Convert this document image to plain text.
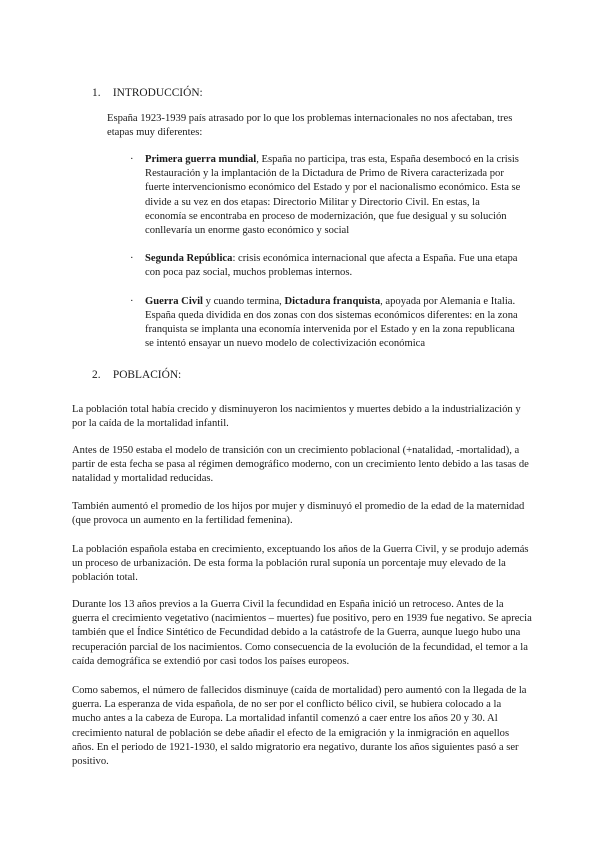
1. INTRODUCCIÓN:
España 1923-1939 país atrasado por lo que los problemas internacionales no nos afectaban, tres etapas muy diferentes:
· Primera guerra mundial, España no participa, tras esta, España desembocó en la crisis Restauración y la implantación de la Dictadura de Primo de Rivera caracterizada por fuerte intervencionismo económico del Estado y por el nacionalismo económico. Esta se divide a su vez en dos etapas: Directorio Militar y Directorio Civil. En estas, la economía se encontraba en proceso de modernización, que fue desigual y su solución conllevaría un enorme gasto económico y social
· Segunda República: crisis económica internacional que afecta a España. Fue una etapa con poca paz social, muchos problemas internos.
· Guerra Civil y cuando termina, Dictadura franquista, apoyada por Alemania e Italia. España queda dividida en dos zonas con dos sistemas económicos diferentes: en la zona franquista se implanta una economía intervenida por el Estado y en la zona republicana se intentó ensayar un nuevo modelo de colectivización económica
2. POBLACIÓN:
La población total había crecido y disminuyeron los nacimientos y muertes debido a la industrialización y por la caída de la mortalidad infantil.
Antes de 1950 estaba el modelo de transición con un crecimiento poblacional (+natalidad, -mortalidad), a partir de esta fecha se pasa al régimen demográfico moderno, con un crecimiento lento debido a las tasas de natalidad y mortalidad reducidas.
También aumentó el promedio de los hijos por mujer y disminuyó el promedio de la edad de la maternidad (que provoca un aumento en la fertilidad femenina).
La población española estaba en crecimiento, exceptuando los años de la Guerra Civil, y se produjo además un proceso de urbanización. De esta forma la población rural suponía un porcentaje muy elevado de la población total.
Durante los 13 años previos a la Guerra Civil la fecundidad en España inició un retroceso. Antes de la guerra el crecimiento vegetativo (nacimientos – muertes) fue positivo, pero en 1939 fue negativo. Se aprecia también que el Índice Sintético de Fecundidad debido a la catástrofe de la Guerra, aunque luego hubo una recuperación parcial de los nacimientos. Como consecuencia de la evolución de la fecundidad, el temor a la caída demográfica se extendió por casi todos los países europeos.
Como sabemos, el número de fallecidos disminuye (caída de mortalidad) pero aumentó con la llegada de la guerra. La esperanza de vida española, de no ser por el conflicto bélico civil, se hubiera colocado a la mucho antes a la cabeza de Europa. La mortalidad infantil comenzó a caer entre los años 20 y 30. Al crecimiento natural de población se debe añadir el efecto de la emigración y la inmigración en aquellos años. En el periodo de 1921-1930, el saldo migratorio era negativo, durante los años siguientes pasó a ser positivo.
